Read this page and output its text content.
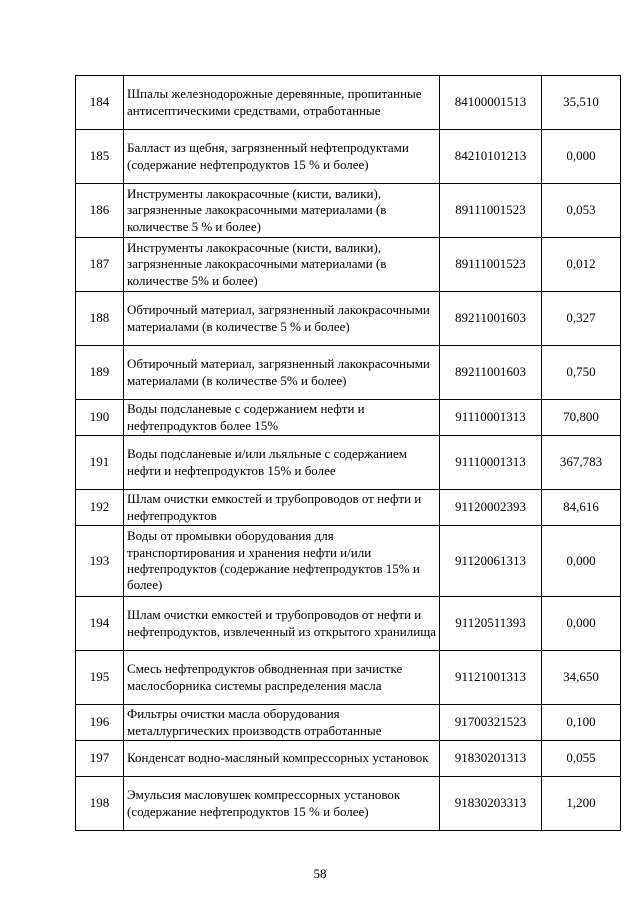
184	Шпалы железнодорожные деревянные, пропитанные антисептическими средствами, отработанные	84100001513	35,510
185	Балласт из щебня, загрязненный нефтепродуктами (содержание нефтепродуктов 15 % и более)	84210101213	0,000
186	Инструменты лакокрасочные (кисти, валики), загрязненные лакокрасочными материалами (в количестве 5 % и более)	89111001523	0,053
187	Инструменты лакокрасочные (кисти, валики), загрязненные лакокрасочными материалами (в количестве 5% и более)	89111001523	0,012
188	Обтирочный материал, загрязненный лакокрасочными материалами (в количестве 5 % и более)	89211001603	0,327
189	Обтирочный материал, загрязненный лакокрасочными материалами (в количестве 5% и более)	89211001603	0,750
190	Воды подсланевые с содержанием нефти и нефтепродуктов более 15%	91110001313	70,800
191	Воды подсланевые и/или льяльные с содержанием нефти и нефтепродуктов 15% и более	91110001313	367,783
192	Шлам очистки емкостей и трубопроводов от нефти и нефтепродуктов	91120002393	84,616
193	Воды от промывки оборудования для транспортирования и хранения нефти и/или нефтепродуктов (содержание нефтепродуктов 15% и более)	91120061313	0,000
194	Шлам очистки емкостей и трубопроводов от нефти и нефтепродуктов, извлеченный из открытого хранилища	91120511393	0,000
195	Смесь нефтепродуктов обводненная при зачистке маслосборника системы распределения масла	91121001313	34,650
196	Фильтры очистки масла оборудования металлургических производств отработанные	91700321523	0,100
197	Конденсат водно-масляный компрессорных установок	91830201313	0,055
198	Эмульсия масловушек компрессорных установок (содержание нефтепродуктов 15 % и более)	91830203313	1,200
58
